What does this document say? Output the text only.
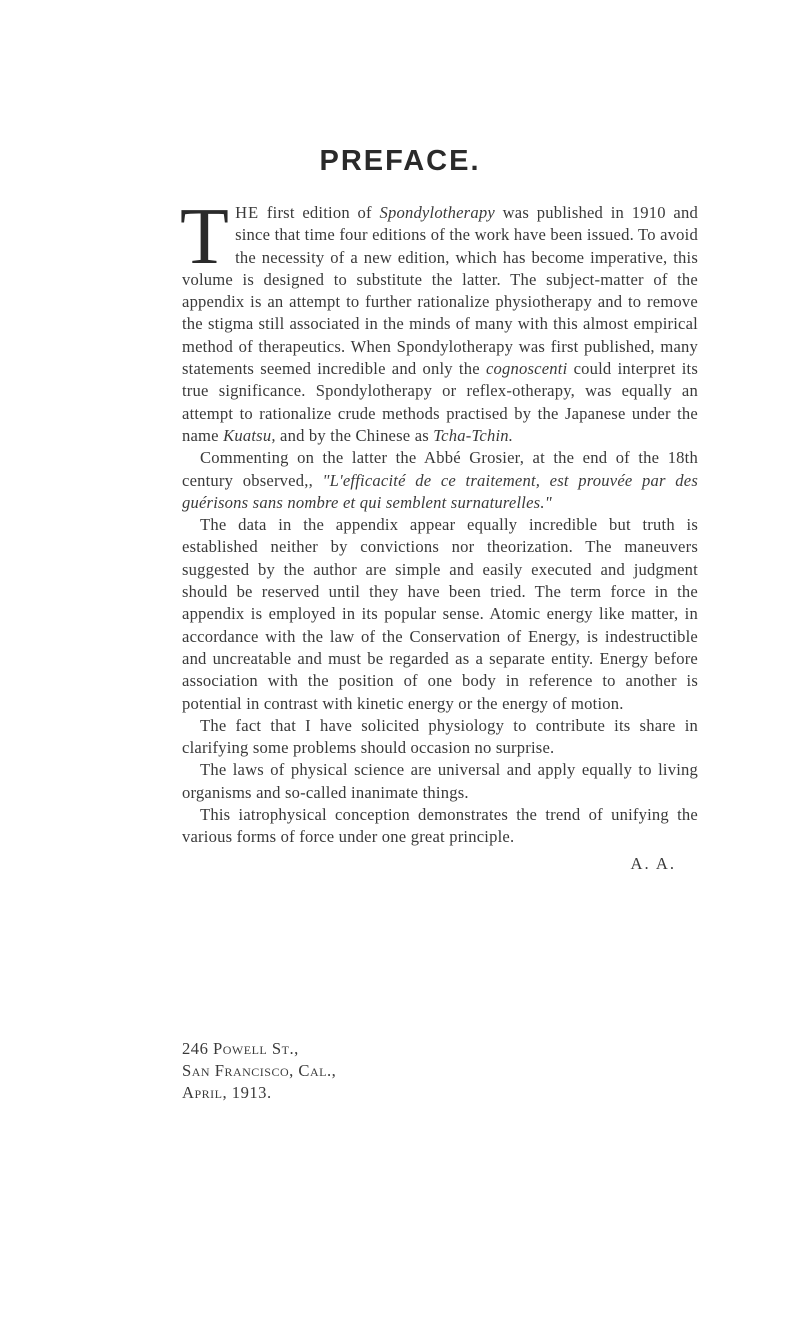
PREFACE.

T HE first edition of Spondylotherapy was published in 1910 and since that time four editions of the work have been issued. To avoid the necessity of a new edition, which has become imperative, this volume is designed to substitute the latter. The subject-matter of the appendix is an attempt to further rationalize physiotherapy and to remove the stigma still associated in the minds of many with this almost empirical method of therapeutics. When Spondylotherapy was first published, many statements seemed incredible and only the cognoscenti could interpret its true significance. Spondylotherapy or reflex-otherapy, was equally an attempt to rationalize crude methods practised by the Japanese under the name Kuatsu, and by the Chinese as Tcha-Tchin.

Commenting on the latter the Abbé Grosier, at the end of the 18th century observed,, "L'efficacité de ce traitement, est prouvée par des guérisons sans nombre et qui semblent surnaturelles."

The data in the appendix appear equally incredible but truth is established neither by convictions nor theorization. The maneuvers suggested by the author are simple and easily executed and judgment should be reserved until they have been tried. The term force in the appendix is employed in its popular sense. Atomic energy like matter, in accordance with the law of the Conservation of Energy, is indestructible and uncreatable and must be regarded as a separate entity. Energy before association with the position of one body in reference to another is potential in contrast with kinetic energy or the energy of motion.

The fact that I have solicited physiology to contribute its share in clarifying some problems should occasion no surprise.

The laws of physical science are universal and apply equally to living organisms and so-called inanimate things.

This iatrophysical conception demonstrates the trend of unifying the various forms of force under one great principle.

A. A.

246 Powell St.,
San Francisco, Cal.,
April, 1913.
